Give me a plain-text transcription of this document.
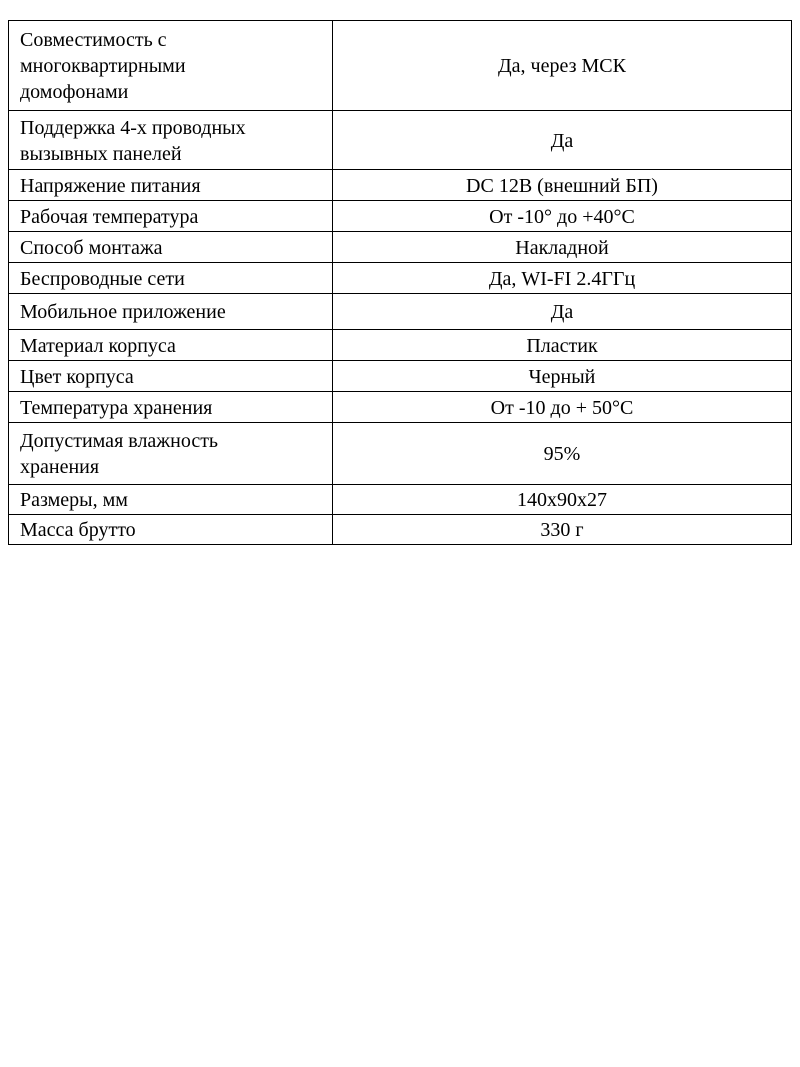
Совместимость с многоквартирными домофонами	Да, через МСК
Поддержка 4-х проводных вызывных панелей	Да
Напряжение питания	DC 12В (внешний БП)
Рабочая температура	От -10° до +40°С
Способ монтажа	Накладной
Беспроводные сети	Да, WI-FI 2.4ГГц
Мобильное приложение	Да
Материал корпуса	Пластик
Цвет корпуса	Черный
Температура хранения	От -10 до + 50°С
Допустимая влажность хранения	95%
Размеры, мм	140х90х27
Масса брутто	330 г
